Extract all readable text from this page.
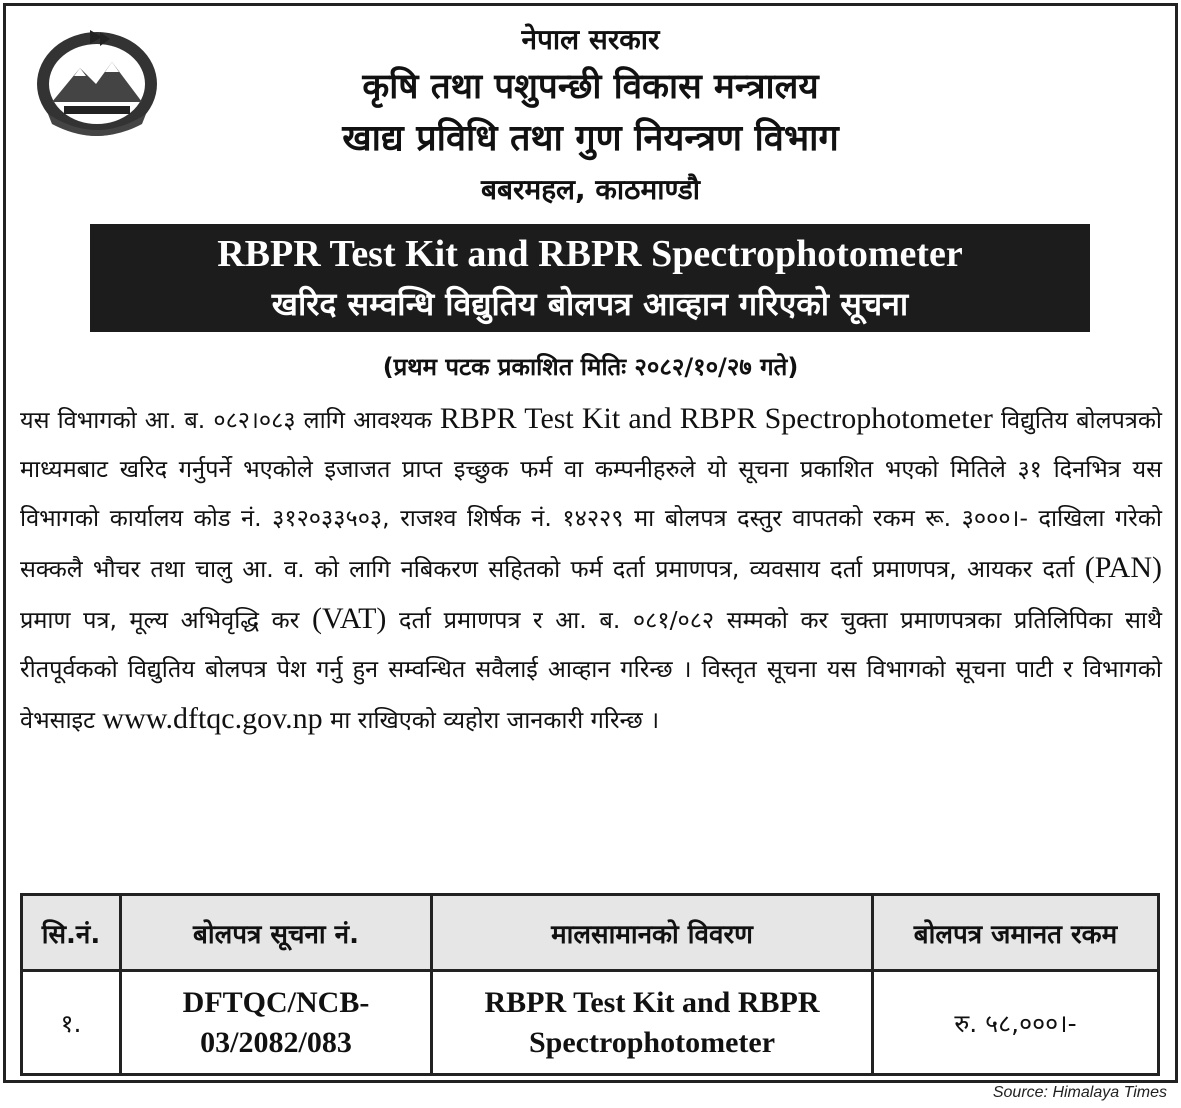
नेपाल सरकार
कृषि तथा पशुपन्छी विकास मन्त्रालय
खाद्य प्रविधि तथा गुण नियन्त्रण विभाग
बबरमहल, काठमाण्डौ
RBPR Test Kit and RBPR Spectrophotometer
खरिद सम्वन्धि विद्युतिय बोलपत्र आव्हान गरिएको सूचना
(प्रथम पटक प्रकाशित मितिः २०८२/१०/२७ गते)
यस विभागको आ. ब. ०८२।०८३ लागि आवश्यक RBPR Test Kit and RBPR Spectrophotometer विद्युतिय बोलपत्रको माध्यमबाट खरिद गर्नुपर्ने भएकोले इजाजत प्राप्त इच्छुक फर्म वा कम्पनीहरुले यो सूचना प्रकाशित भएको मितिले ३१ दिनभित्र यस विभागको कार्यालय कोड नं. ३१२०३३५०३, राजश्व शिर्षक नं. १४२२९ मा बोलपत्र दस्तुर वापतको रकम रू. ३०००।- दाखिला गरेको सक्कलै भौचर तथा चालु आ. व. को लागि नबिकरण सहितको फर्म दर्ता प्रमाणपत्र, व्यवसाय दर्ता प्रमाणपत्र, आयकर दर्ता (PAN) प्रमाण पत्र, मूल्य अभिवृद्धि कर (VAT) दर्ता प्रमाणपत्र र आ. ब. ०८१/०८२ सम्मको कर चुक्ता प्रमाणपत्रका प्रतिलिपिका साथै रीतपूर्वकको विद्युतिय बोलपत्र पेश गर्नु हुन सम्वन्धित सवैलाई आव्हान गरिन्छ । विस्तृत सूचना यस विभागको सूचना पाटी र विभागको वेभसाइट www.dftqc.gov.np मा राखिएको व्यहोरा जानकारी गरिन्छ ।
सि.नं.	बोलपत्र सूचना नं.	मालसामानको विवरण	बोलपत्र जमानत रकम
१.	DFTQC/NCB-03/2082/083	RBPR Test Kit and RBPR Spectrophotometer	रु. ५८,०००।-
Source: Himalaya Times
